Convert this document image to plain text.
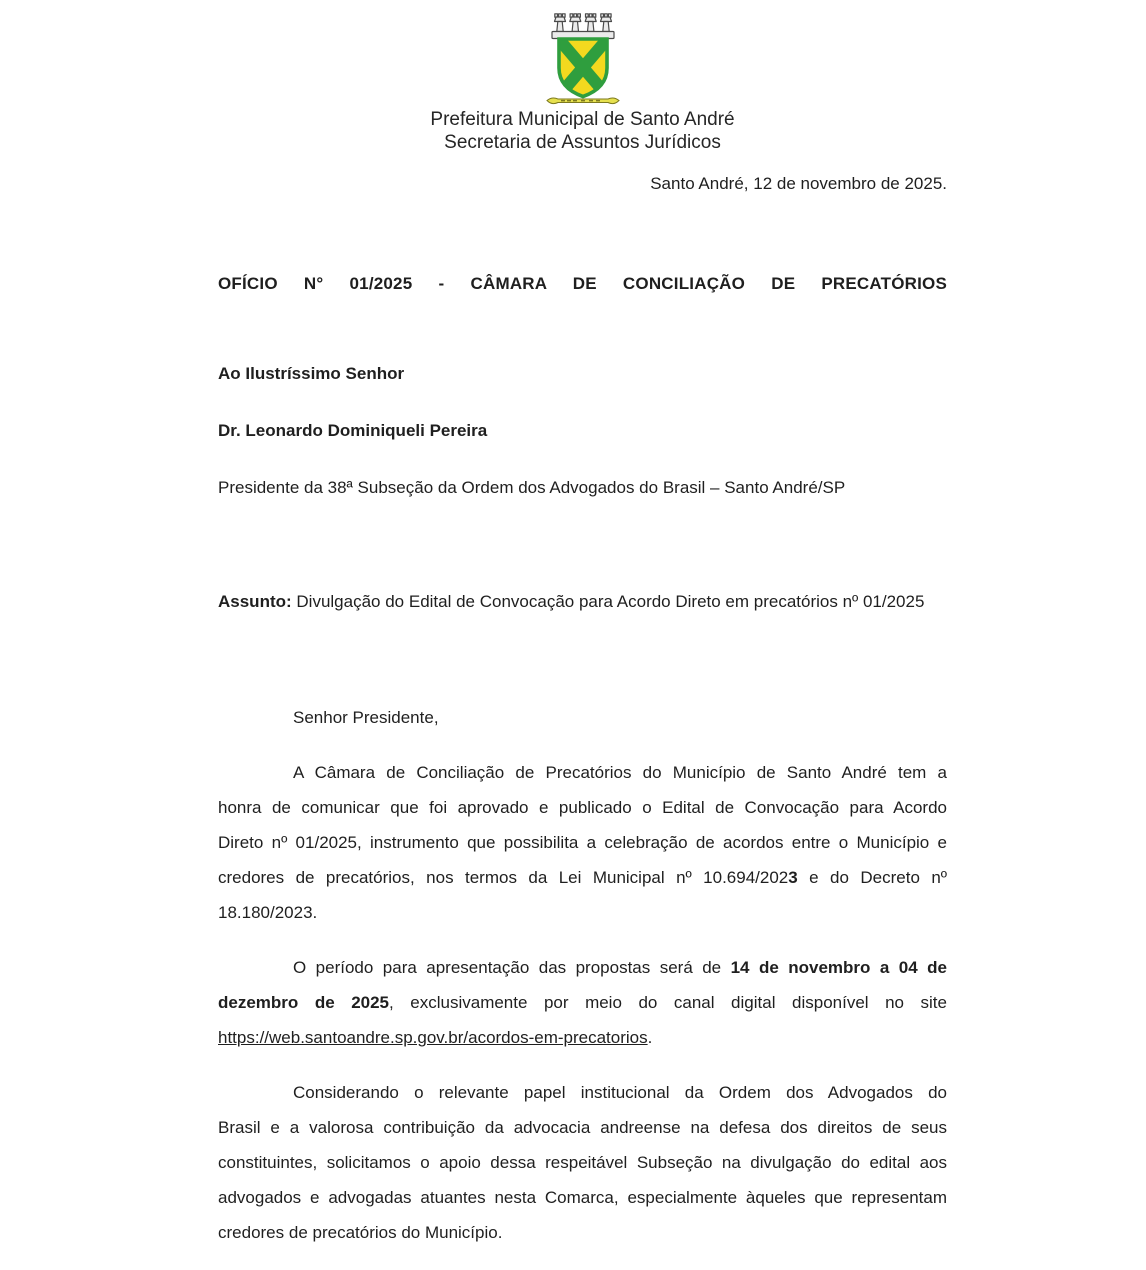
Prefeitura Municipal de Santo André
Secretaria de Assuntos Jurídicos
Santo André, 12 de novembro de 2025.
OFÍCIO N° 01/2025 - CÂMARA DE CONCILIAÇÃO DE PRECATÓRIOS
Ao Ilustríssimo Senhor
Dr. Leonardo Dominiqueli Pereira
Presidente da 38ª Subseção da Ordem dos Advogados do Brasil – Santo André/SP
Assunto: Divulgação do Edital de Convocação para Acordo Direto em precatórios nº 01/2025
Senhor Presidente,
A Câmara de Conciliação de Precatórios do Município de Santo André tem a
honra de comunicar que foi aprovado e publicado o Edital de Convocação para Acordo
Direto nº 01/2025, instrumento que possibilita a celebração de acordos entre o Município e
credores de precatórios, nos termos da Lei Municipal nº 10.694/2023 e do Decreto nº
18.180/2023.
O período para apresentação das propostas será de 14 de novembro a 04 de
dezembro de 2025, exclusivamente por meio do canal digital disponível no site
https://web.santoandre.sp.gov.br/acordos-em-precatorios.
Considerando o relevante papel institucional da Ordem dos Advogados do
Brasil e a valorosa contribuição da advocacia andreense na defesa dos direitos de seus
constituintes, solicitamos o apoio dessa respeitável Subseção na divulgação do edital aos
advogados e advogadas atuantes nesta Comarca, especialmente àqueles que representam
credores de precatórios do Município.
